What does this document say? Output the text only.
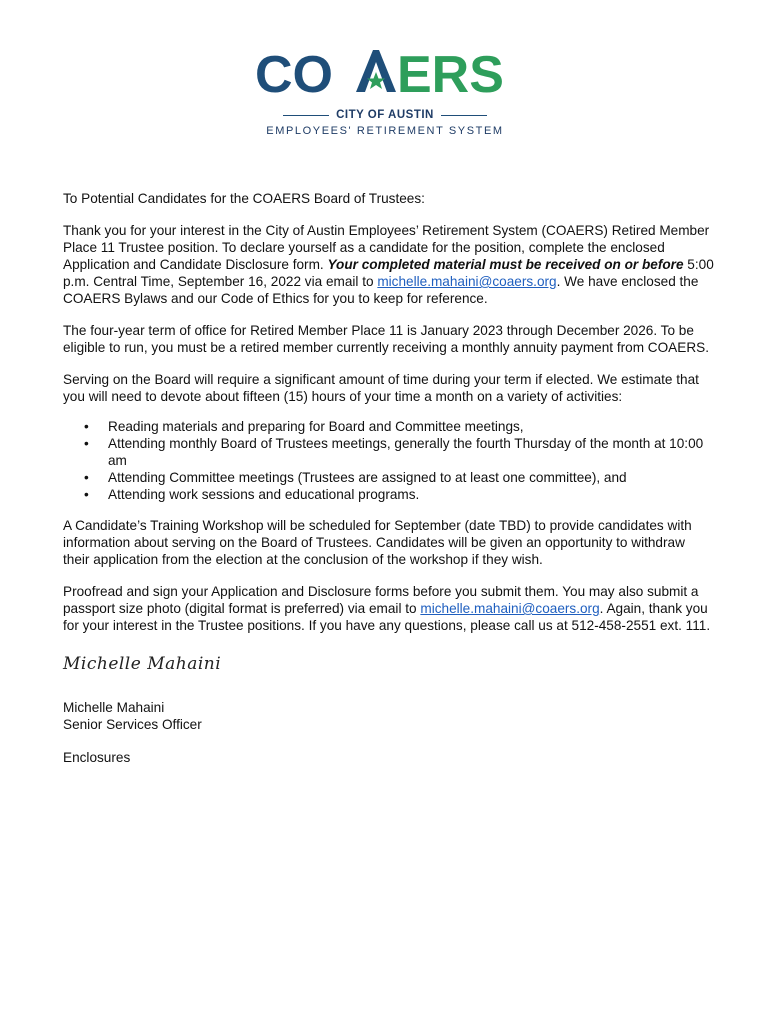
CO ERS
CITY OF AUSTIN
EMPLOYEES' RETIREMENT SYSTEM

To Potential Candidates for the COAERS Board of Trustees:

Thank you for your interest in the City of Austin Employees’ Retirement System (COAERS) Retired Member Place 11 Trustee position. To declare yourself as a candidate for the position, complete the enclosed Application and Candidate Disclosure form. Your completed material must be received on or before 5:00 p.m. Central Time, September 16, 2022 via email to michelle.mahaini@coaers.org. We have enclosed the COAERS Bylaws and our Code of Ethics for you to keep for reference.

The four-year term of office for Retired Member Place 11 is January 2023 through December 2026. To be eligible to run, you must be a retired member currently receiving a monthly annuity payment from COAERS.

Serving on the Board will require a significant amount of time during your term if elected. We estimate that you will need to devote about fifteen (15) hours of your time a month on a variety of activities:

• Reading materials and preparing for Board and Committee meetings,
• Attending monthly Board of Trustees meetings, generally the fourth Thursday of the month at 10:00 am
• Attending Committee meetings (Trustees are assigned to at least one committee), and
• Attending work sessions and educational programs.

A Candidate’s Training Workshop will be scheduled for September (date TBD) to provide candidates with information about serving on the Board of Trustees. Candidates will be given an opportunity to withdraw their application from the election at the conclusion of the workshop if they wish.

Proofread and sign your Application and Disclosure forms before you submit them. You may also submit a passport size photo (digital format is preferred) via email to michelle.mahaini@coaers.org. Again, thank you for your interest in the Trustee positions. If you have any questions, please call us at 512-458-2551 ext. 111.

Michelle Mahaini
Michelle Mahaini
Senior Services Officer
Enclosures
